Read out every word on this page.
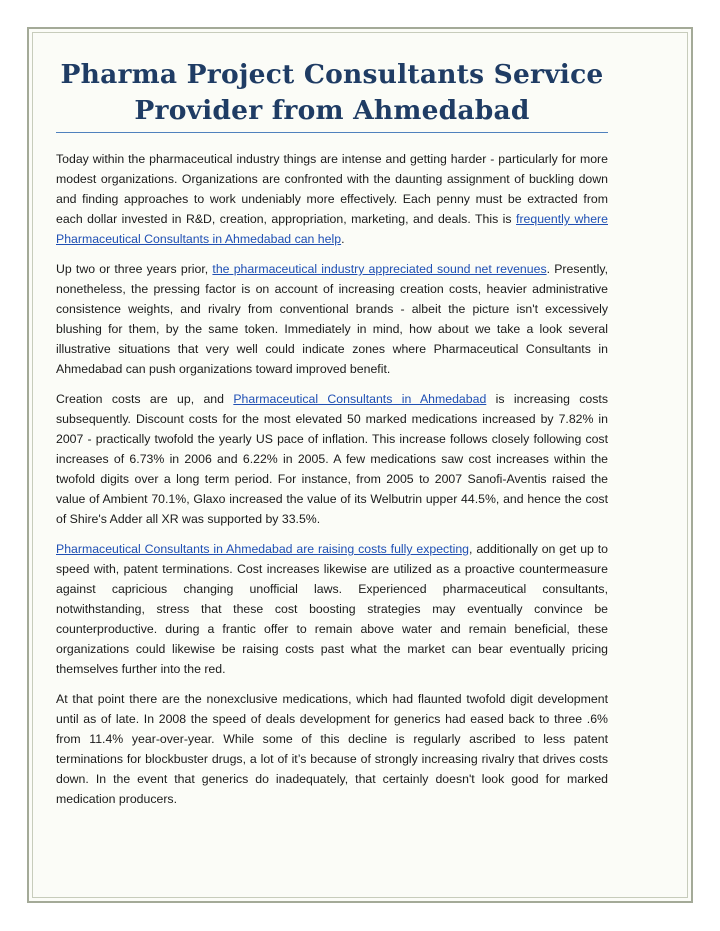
Pharma Project Consultants Service
Provider from Ahmedabad

Today within the pharmaceutical industry things are intense and getting harder - particularly for more modest organizations. Organizations are confronted with the daunting assignment of buckling down and finding approaches to work undeniably more effectively. Each penny must be extracted from each dollar invested in R&D, creation, appropriation, marketing, and deals. This is frequently where Pharmaceutical Consultants in Ahmedabad can help.

Up two or three years prior, the pharmaceutical industry appreciated sound net revenues. Presently, nonetheless, the pressing factor is on account of increasing creation costs, heavier administrative consistence weights, and rivalry from conventional brands - albeit the picture isn't excessively blushing for them, by the same token. Immediately in mind, how about we take a look several illustrative situations that very well could indicate zones where Pharmaceutical Consultants in Ahmedabad can push organizations toward improved benefit.

Creation costs are up, and Pharmaceutical Consultants in Ahmedabad is increasing costs subsequently. Discount costs for the most elevated 50 marked medications increased by 7.82% in 2007 - practically twofold the yearly US pace of inflation. This increase follows closely following cost increases of 6.73% in 2006 and 6.22% in 2005. A few medications saw cost increases within the twofold digits over a long term period. For instance, from 2005 to 2007 Sanofi-Aventis raised the value of Ambient 70.1%, Glaxo increased the value of its Welbutrin upper 44.5%, and hence the cost of Shire's Adder all XR was supported by 33.5%.

Pharmaceutical Consultants in Ahmedabad are raising costs fully expecting, additionally on get up to speed with, patent terminations. Cost increases likewise are utilized as a proactive countermeasure against capricious changing unofficial laws. Experienced pharmaceutical consultants, notwithstanding, stress that these cost boosting strategies may eventually convince be counterproductive. during a frantic offer to remain above water and remain beneficial, these organizations could likewise be raising costs past what the market can bear eventually pricing themselves further into the red.

At that point there are the nonexclusive medications, which had flaunted twofold digit development until as of late. In 2008 the speed of deals development for generics had eased back to three .6% from 11.4% year-over-year. While some of this decline is regularly ascribed to less patent terminations for blockbuster drugs, a lot of it’s because of strongly increasing rivalry that drives costs down. In the event that generics do inadequately, that certainly doesn't look good for marked medication producers.
